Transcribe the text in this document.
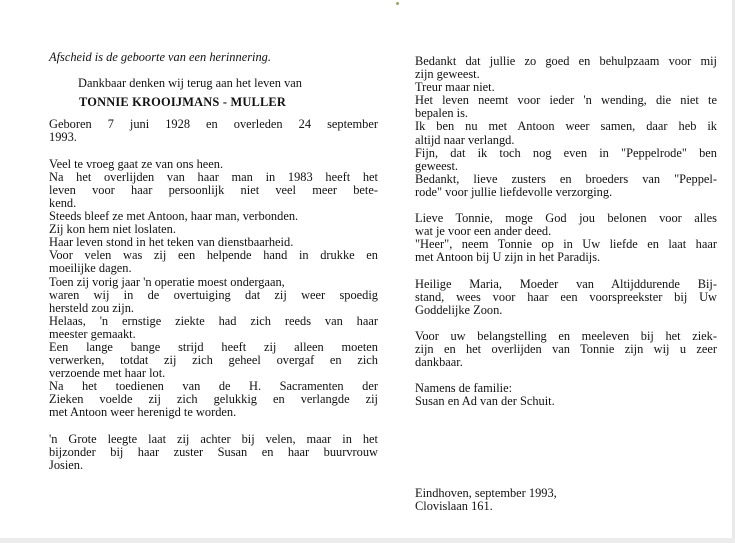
Afscheid is de geboorte van een herinnering.
Dankbaar denken wij terug aan het leven van
TONNIE KROOIJMANS - MULLER
Geboren 7 juni 1928 en overleden 24 september
1993.
Veel te vroeg gaat ze van ons heen.
Na het overlijden van haar man in 1983 heeft het
leven voor haar persoonlijk niet veel meer bete-
kend.
Steeds bleef ze met Antoon, haar man, verbonden.
Zij kon hem niet loslaten.
Haar leven stond in het teken van dienstbaarheid.
Voor velen was zij een helpende hand in drukke en
moeilijke dagen.
Toen zij vorig jaar 'n operatie moest ondergaan,
waren wij in de overtuiging dat zij weer spoedig
hersteld zou zijn.
Helaas, 'n ernstige ziekte had zich reeds van haar
meester gemaakt.
Een lange bange strijd heeft zij alleen moeten
verwerken, totdat zij zich geheel overgaf en zich
verzoende met haar lot.
Na het toedienen van de H. Sacramenten der
Zieken voelde zij zich gelukkig en verlangde zij
met Antoon weer herenigd te worden.
'n Grote leegte laat zij achter bij velen, maar in het
bijzonder bij haar zuster Susan en haar buurvrouw
Josien.
Bedankt dat jullie zo goed en behulpzaam voor mij
zijn geweest.
Treur maar niet.
Het leven neemt voor ieder 'n wending, die niet te
bepalen is.
Ik ben nu met Antoon weer samen, daar heb ik
altijd naar verlangd.
Fijn, dat ik toch nog even in "Peppelrode" ben
geweest.
Bedankt, lieve zusters en broeders van "Peppel-
rode" voor jullie liefdevolle verzorging.
Lieve Tonnie, moge God jou belonen voor alles
wat je voor een ander deed.
"Heer", neem Tonnie op in Uw liefde en laat haar
met Antoon bij U zijn in het Paradijs.
Heilige Maria, Moeder van Altijddurende Bij-
stand, wees voor haar een voorspreekster bij Uw
Goddelijke Zoon.
Voor uw belangstelling en meeleven bij het ziek-
zijn en het overlijden van Tonnie zijn wij u zeer
dankbaar.
Namens de familie:
Susan en Ad van der Schuit.
Eindhoven, september 1993,
Clovislaan 161.
